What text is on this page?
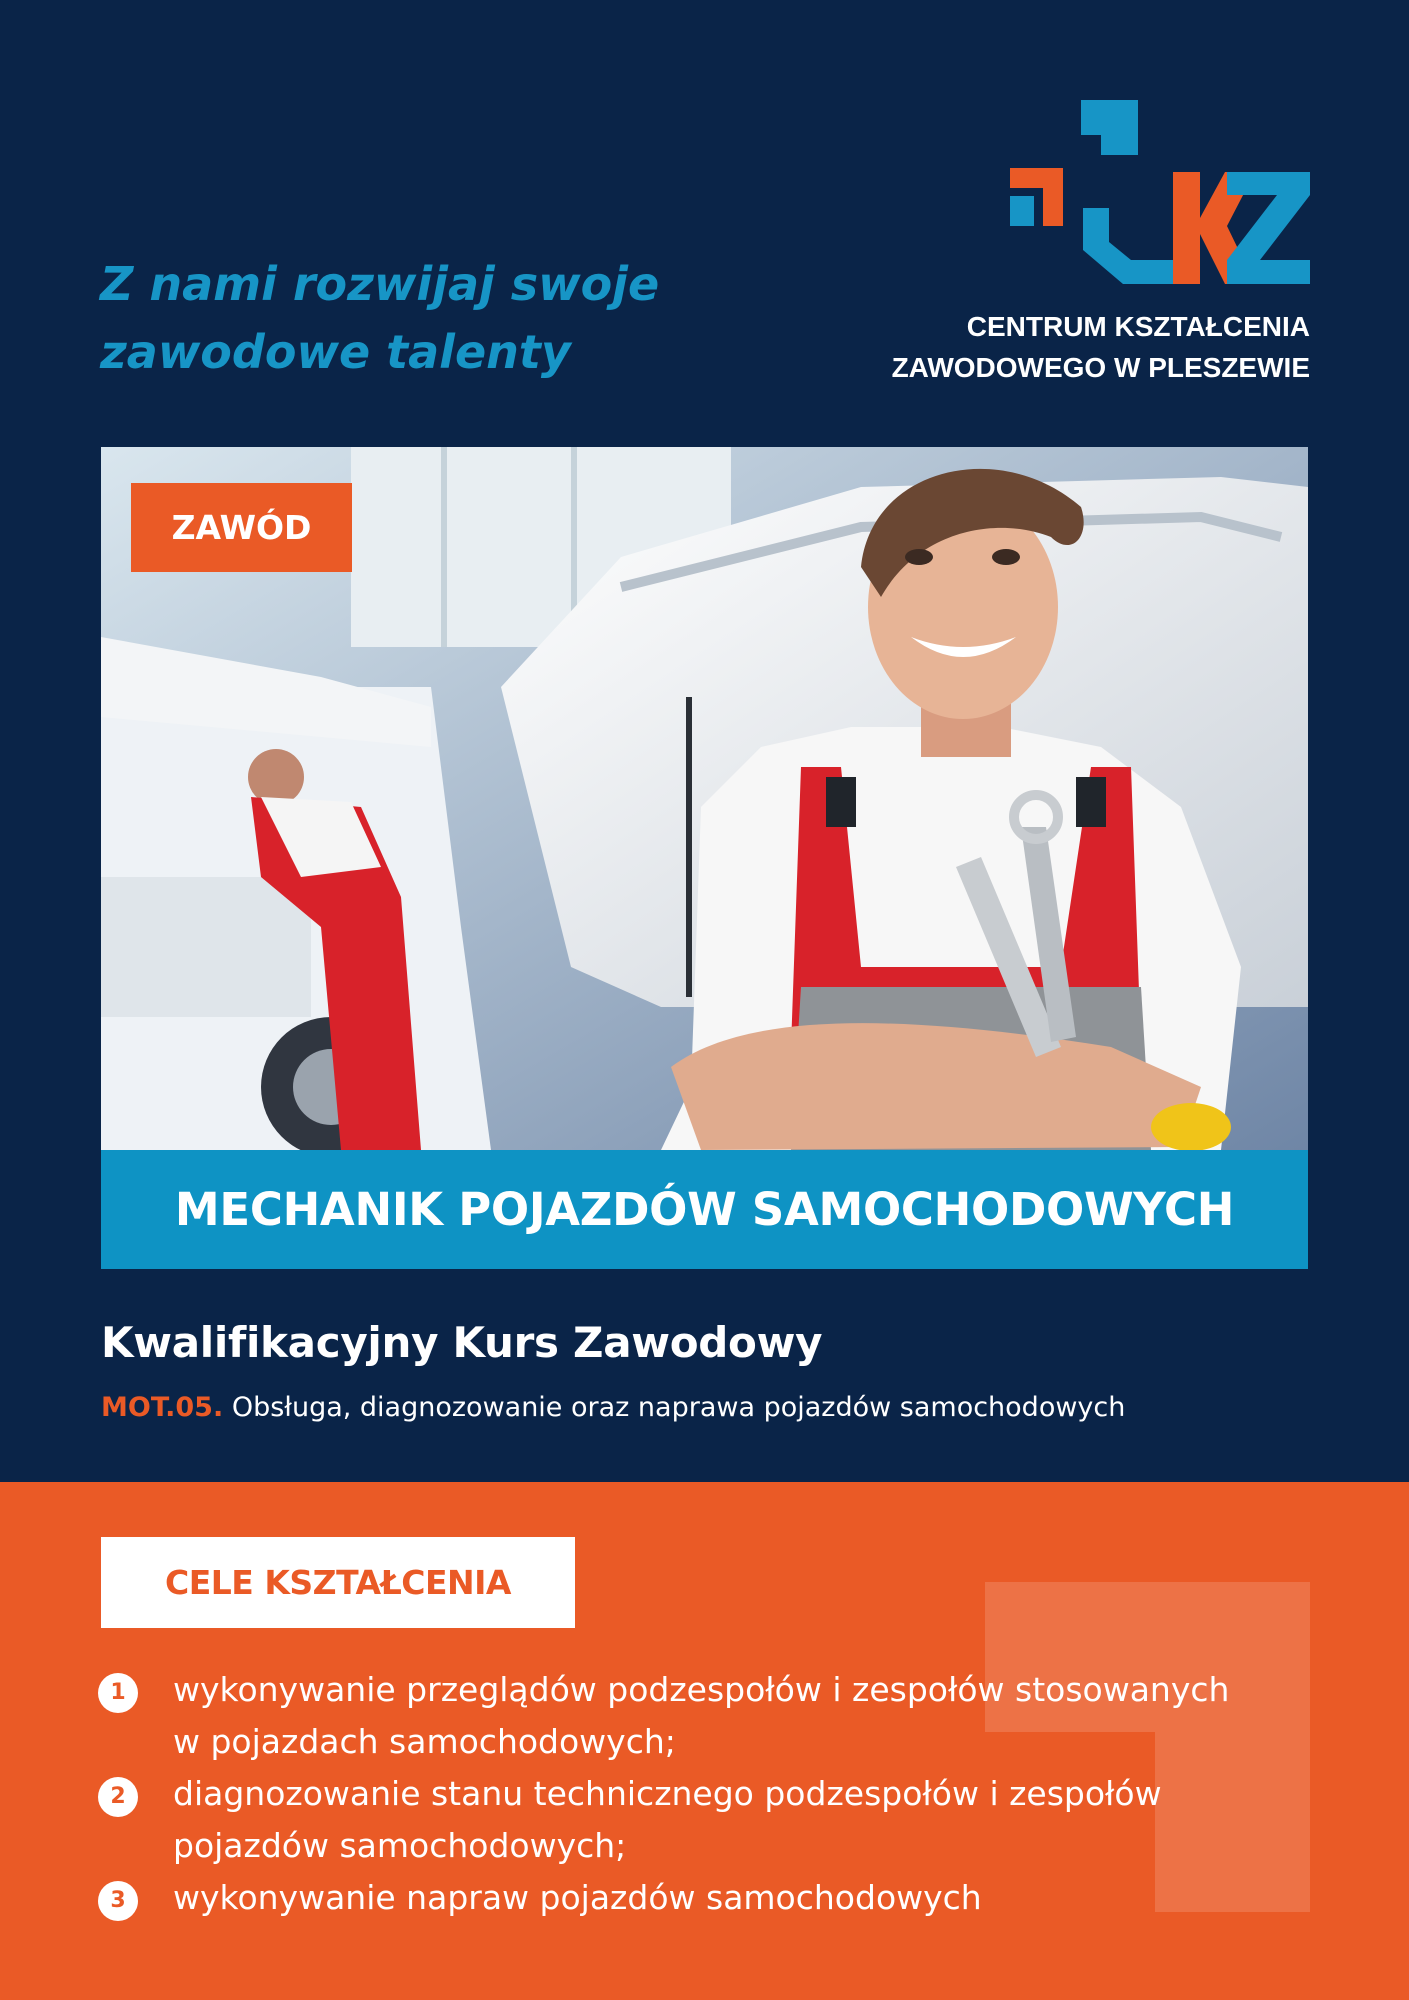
Z nami rozwijaj swoje
zawodowe talenty	CENTRUM KSZTAŁCENIA
ZAWODOWEGO W PLESZEWIE
ZAWÓD
MECHANIK POJAZDÓW SAMOCHODOWYCH
Kwalifikacyjny Kurs Zawodowy
MOT.05. Obsługa, diagnozowanie oraz naprawa pojazdów samochodowych
CELE KSZTAŁCENIA
1	wykonywanie przeglądów podzespołów i zespołów stosowanych
w pojazdach samochodowych;
2	diagnozowanie stanu technicznego podzespołów i zespołów
pojazdów samochodowych;
3	wykonywanie napraw pojazdów samochodowych
